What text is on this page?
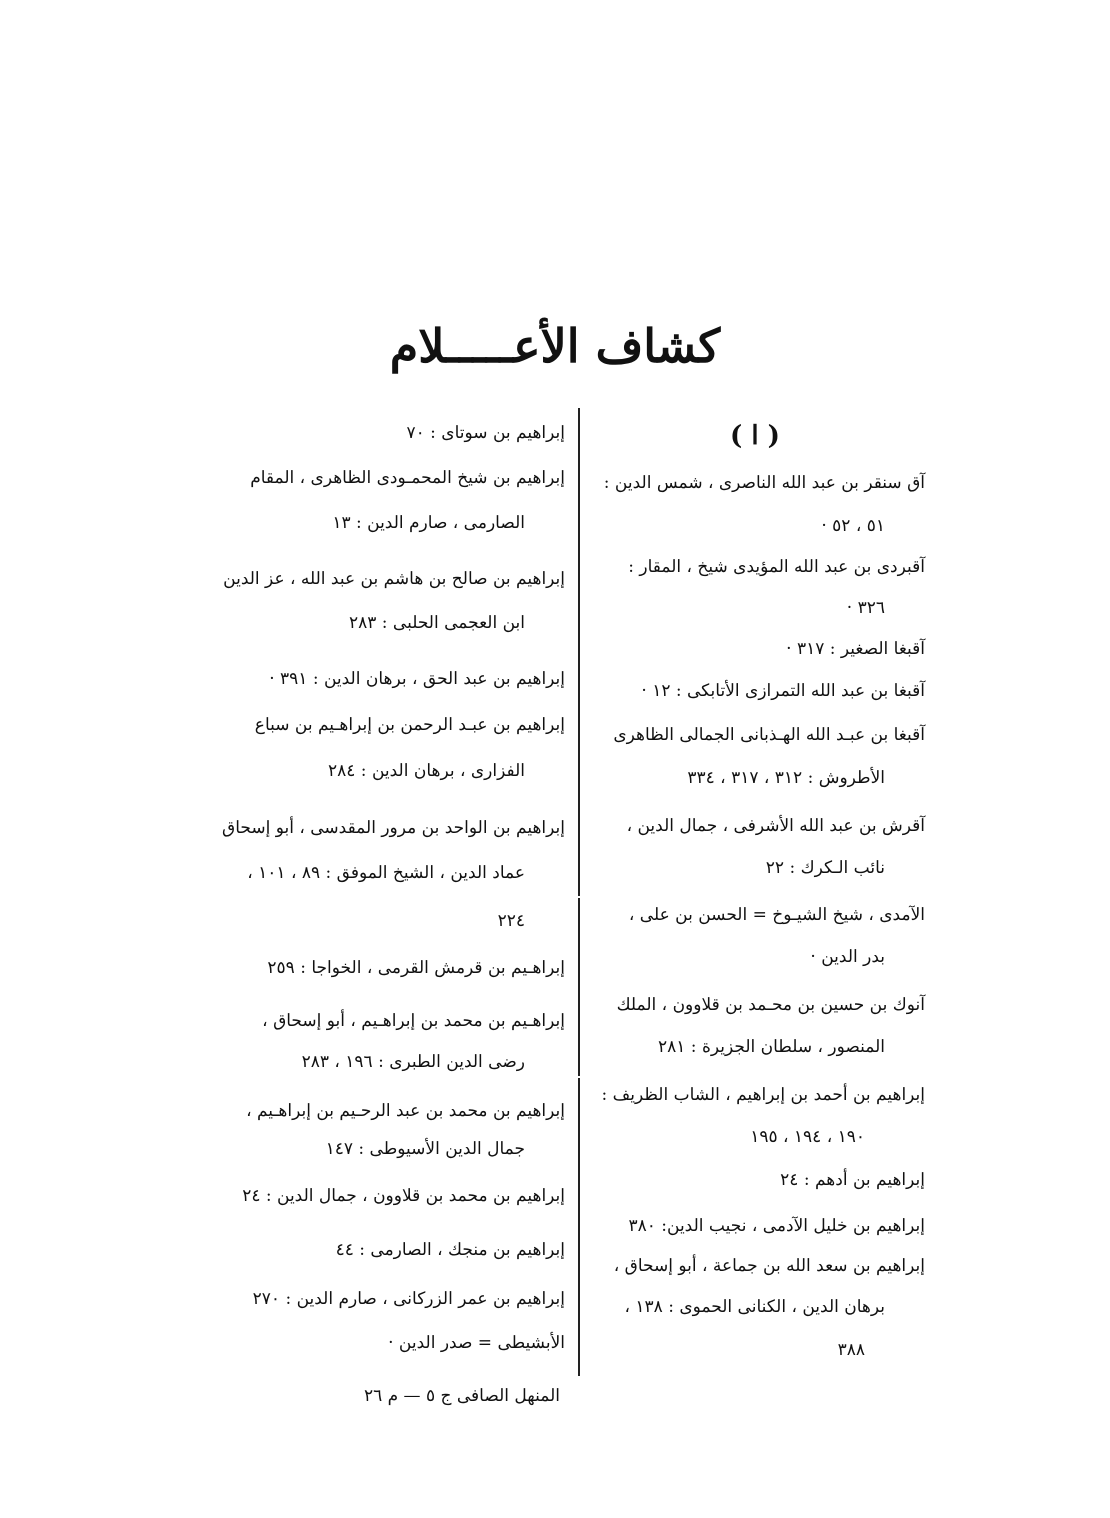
كشاف الأعـــــلام
( ا )
آق سنقر بن عبد الله الناصرى ، شمس الدين :
٥١ ، ٥٢ ·
آقبردى بن عبد الله المؤيدى شيخ ، المقار :
٣٢٦ ·
آقبغا الصغير : ٣١٧ ·
آقبغا بن عبد الله التمرازى الأتابكى : ١٢ ·
آقبغا بن عبـد الله الهـذبانى الجمالى الظاهرى
الأطروش : ٣١٢ ، ٣١٧ ، ٣٣٤
آقرش بن عبد الله الأشرفى ، جمال الدين ،
نائب الـكرك : ٢٢
الآمدى ، شيخ الشيـوخ = الحسن بن على ،
بدر الدين ·
آنوك بن حسين بن محـمد بن قلاوون ، الملك
المنصور ، سلطان الجزيرة : ٢٨١
إبراهيم بن أحمد بن إبراهيم ، الشاب الظريف :
١٩٠ ، ١٩٤ ، ١٩٥
إبراهيم بن أدهم : ٢٤
إبراهيم بن خليل الآدمى ، نجيب الدين: ٣٨٠
إبراهيم بن سعد الله بن جماعة ، أبو إسحاق ،
برهان الدين ، الكنانى الحموى : ١٣٨ ،
٣٨٨
إبراهيم بن سوتاى : ٧٠
إبراهيم بن شيخ المحمـودى الظاهرى ، المقام
الصارمى ، صارم الدين : ١٣
إبراهيم بن صالح بن هاشم بن عبد الله ، عز الدين
ابن العجمى الحلبى : ٢٨٣
إبراهيم بن عبد الحق ، برهان الدين : ٣٩١ ·
إبراهيم بن عبـد الرحمن بن إبراهـيم بن سباع
الفزارى ، برهان الدين : ٢٨٤
إبراهيم بن الواحد بن مرور المقدسى ، أبو إسحاق
عماد الدين ، الشيخ الموفق : ٨٩ ، ١٠١ ،
٢٢٤
إبراهـيم بن قرمش القرمى ، الخواجا : ٢٥٩
إبراهـيم بن محمد بن إبراهـيم ، أبو إسحاق ،
رضى الدين الطبرى : ١٩٦ ، ٢٨٣
إبراهيم بن محمد بن عبد الرحـيم بن إبراهـيم ،
جمال الدين الأسيوطى : ١٤٧
إبراهيم بن محمد بن قلاوون ، جمال الدين : ٢٤
إبراهيم بن منجك ، الصارمى : ٤٤
إبراهيم بن عمر الزركانى ، صارم الدين : ٢٧٠
الأبشيطى = صدر الدين ·
المنهل الصافى ج ٥ — م ٢٦
